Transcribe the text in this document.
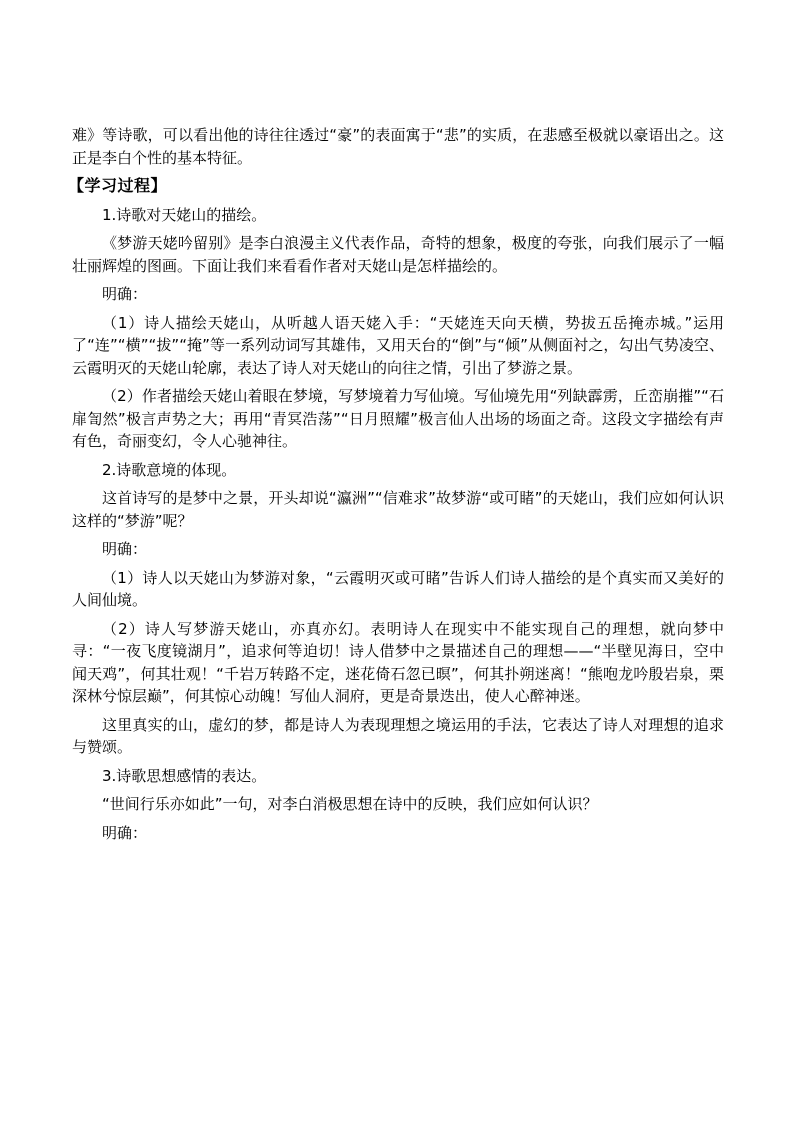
难》等诗歌，可以看出他的诗往往透过“豪”的表面寓于“悲”的实质，在悲感至极就以豪语出之。这正是李白个性的基本特征。

【学习过程】

1.诗歌对天姥山的描绘。

《梦游天姥吟留别》是李白浪漫主义代表作品，奇特的想象，极度的夸张，向我们展示了一幅壮丽辉煌的图画。下面让我们来看看作者对天姥山是怎样描绘的。

明确：

（1）诗人描绘天姥山，从听越人语天姥入手：“天姥连天向天横，势拔五岳掩赤城。”运用了“连”“横”“拔”“掩”等一系列动词写其雄伟，又用天台的“倒”与“倾”从侧面衬之，勾出气势凌空、云霞明灭的天姥山轮廓，表达了诗人对天姥山的向往之情，引出了梦游之景。

（2）作者描绘天姥山着眼在梦境，写梦境着力写仙境。写仙境先用“列缺霹雳，丘峦崩摧”“石扉訇然”极言声势之大；再用“青冥浩荡”“日月照耀”极言仙人出场的场面之奇。这段文字描绘有声有色，奇丽变幻，令人心驰神往。

2.诗歌意境的体现。

这首诗写的是梦中之景，开头却说“瀛洲”“信难求”故梦游“或可睹”的天姥山，我们应如何认识这样的“梦游”呢？

明确：

（1）诗人以天姥山为梦游对象，“云霞明灭或可睹”告诉人们诗人描绘的是个真实而又美好的人间仙境。

（2）诗人写梦游天姥山，亦真亦幻。表明诗人在现实中不能实现自己的理想，就向梦中寻：“一夜飞度镜湖月”，追求何等迫切！诗人借梦中之景描述自己的理想——“半壁见海日，空中闻天鸡”，何其壮观！“千岩万转路不定，迷花倚石忽已暝”，何其扑朔迷离！“熊咆龙吟殷岩泉，栗深林兮惊层巅”，何其惊心动魄！写仙人洞府，更是奇景迭出，使人心醉神迷。

这里真实的山，虚幻的梦，都是诗人为表现理想之境运用的手法，它表达了诗人对理想的追求与赞颂。

3.诗歌思想感情的表达。

“世间行乐亦如此”一句，对李白消极思想在诗中的反映，我们应如何认识？

明确：
